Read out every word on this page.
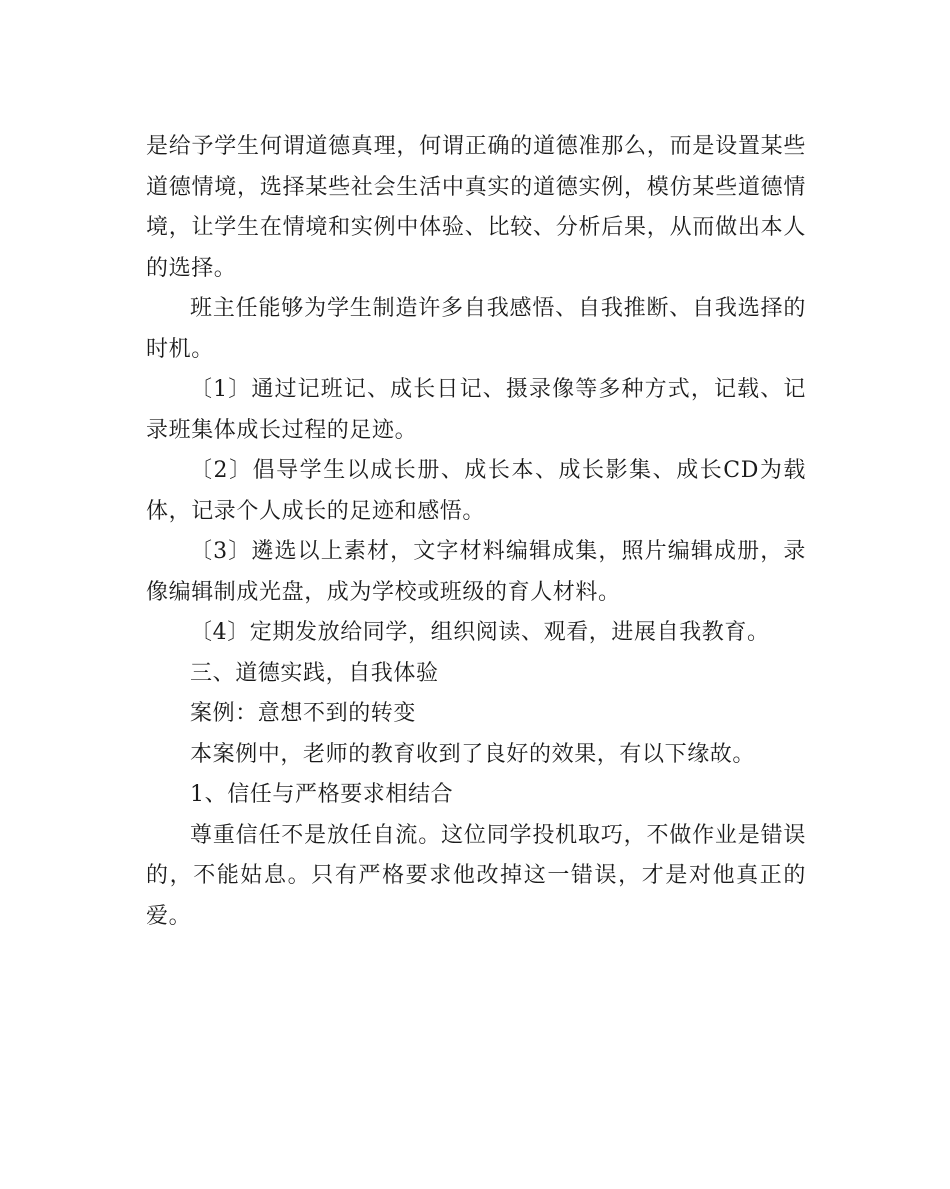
是给予学生何谓道德真理，何谓正确的道德准那么，而是设置某些道德情境，选择某些社会生活中真实的道德实例，模仿某些道德情境，让学生在情境和实例中体验、比较、分析后果，从而做出本人的选择。

班主任能够为学生制造许多自我感悟、自我推断、自我选择的时机。

〔1〕通过记班记、成长日记、摄录像等多种方式，记载、记录班集体成长过程的足迹。

〔2〕倡导学生以成长册、成长本、成长影集、成长CD为载体，记录个人成长的足迹和感悟。

〔3〕遴选以上素材，文字材料编辑成集，照片编辑成册，录像编辑制成光盘，成为学校或班级的育人材料。

〔4〕定期发放给同学，组织阅读、观看，进展自我教育。

三、道德实践，自我体验

案例：意想不到的转变

本案例中，老师的教育收到了良好的效果，有以下缘故。

1、信任与严格要求相结合

尊重信任不是放任自流。这位同学投机取巧，不做作业是错误的，不能姑息。只有严格要求他改掉这一错误，才是对他真正的爱。
